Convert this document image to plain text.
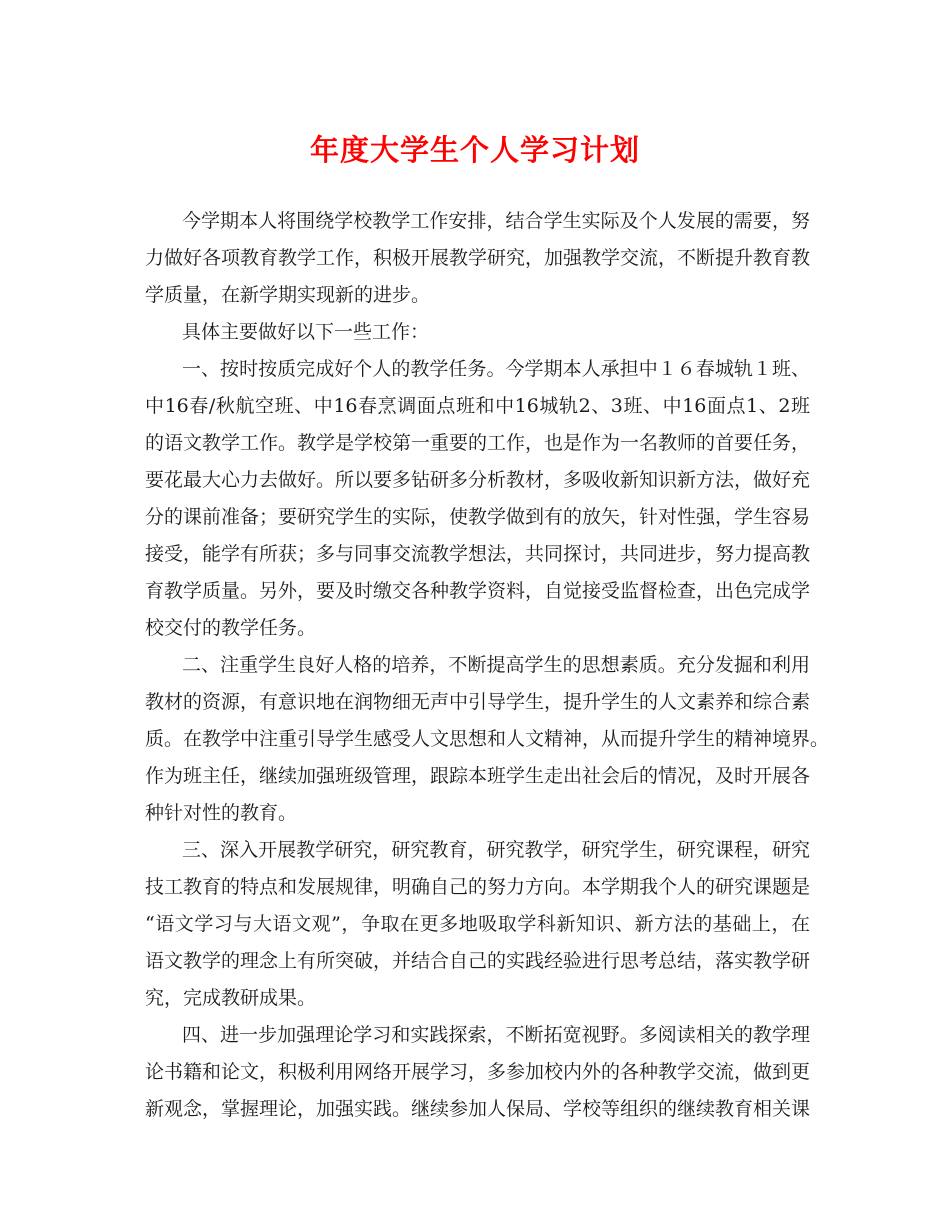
年度大学生个人学习计划
今学期本人将围绕学校教学工作安排，结合学生实际及个人发展的需要，努
力做好各项教育教学工作，积极开展教学研究，加强教学交流，不断提升教育教
学质量，在新学期实现新的进步。
具体主要做好以下一些工作：
一、按时按质完成好个人的教学任务。今学期本人承担中１６春城轨１班、
中16春/秋航空班、中16春烹调面点班和中16城轨2、3班、中16面点1、2班
的语文教学工作。教学是学校第一重要的工作，也是作为一名教师的首要任务，
要花最大心力去做好。所以要多钻研多分析教材，多吸收新知识新方法，做好充
分的课前准备；要研究学生的实际，使教学做到有的放矢，针对性强，学生容易
接受，能学有所获；多与同事交流教学想法，共同探讨，共同进步，努力提高教
育教学质量。另外，要及时缴交各种教学资料，自觉接受监督检查，出色完成学
校交付的教学任务。
二、注重学生良好人格的培养，不断提高学生的思想素质。充分发掘和利用
教材的资源，有意识地在润物细无声中引导学生，提升学生的人文素养和综合素
质。在教学中注重引导学生感受人文思想和人文精神，从而提升学生的精神境界。
作为班主任，继续加强班级管理，跟踪本班学生走出社会后的情况，及时开展各
种针对性的教育。
三、深入开展教学研究，研究教育，研究教学，研究学生，研究课程，研究
技工教育的特点和发展规律，明确自己的努力方向。本学期我个人的研究课题是
“语文学习与大语文观”，争取在更多地吸取学科新知识、新方法的基础上，在
语文教学的理念上有所突破，并结合自己的实践经验进行思考总结，落实教学研
究，完成教研成果。
四、进一步加强理论学习和实践探索，不断拓宽视野。多阅读相关的教学理
论书籍和论文，积极利用网络开展学习，多参加校内外的各种教学交流，做到更
新观念，掌握理论，加强实践。继续参加人保局、学校等组织的继续教育相关课
